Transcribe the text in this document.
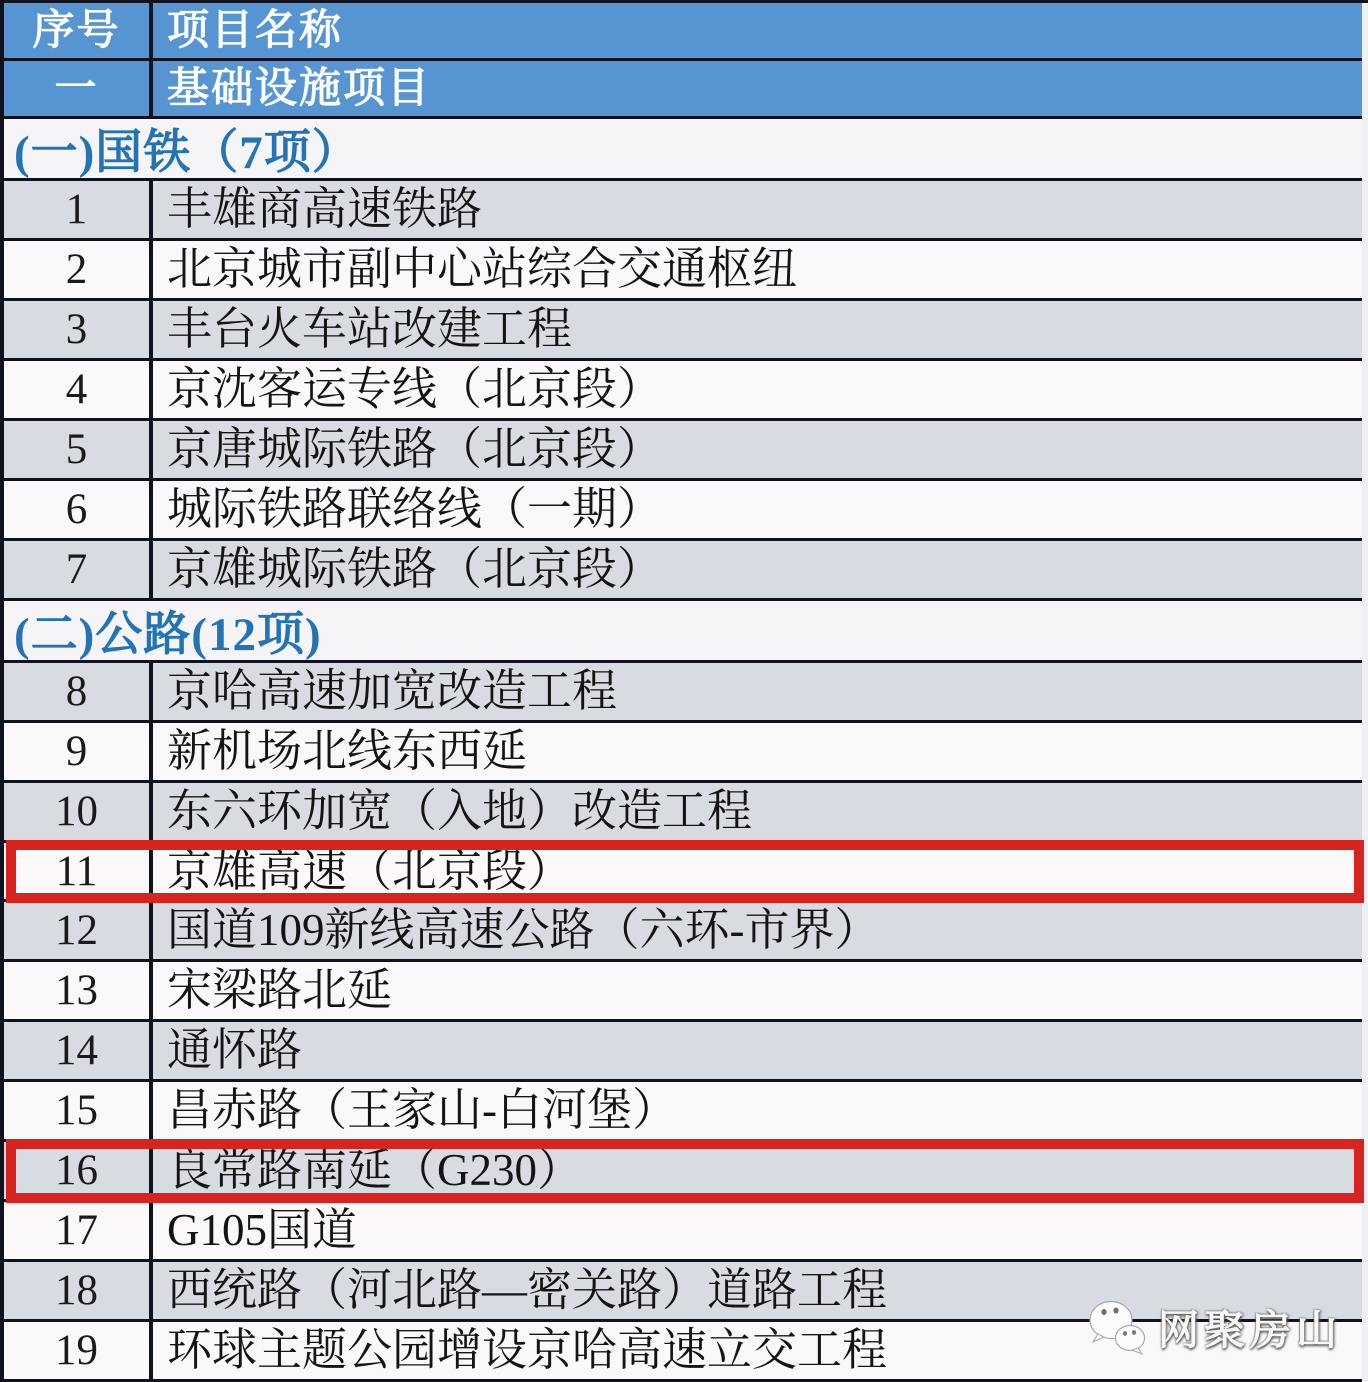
序号	项目名称
一	基础设施项目
(一)国铁（7项）
1	丰雄商高速铁路
2	北京城市副中心站综合交通枢纽
3	丰台火车站改建工程
4	京沈客运专线（北京段）
5	京唐城际铁路（北京段）
6	城际铁路联络线（一期）
7	京雄城际铁路（北京段）
(二)公路(12项)
8	京哈高速加宽改造工程
9	新机场北线东西延
10	东六环加宽（入地）改造工程
11	京雄高速（北京段）
12	国道109新线高速公路（六环-市界）
13	宋梁路北延
14	通怀路
15	昌赤路（王家山-白河堡）
16	良常路南延（G230）
17	G105国道
18	西统路（河北路—密关路）道路工程
19	环球主题公园增设京哈高速立交工程	网聚房山
